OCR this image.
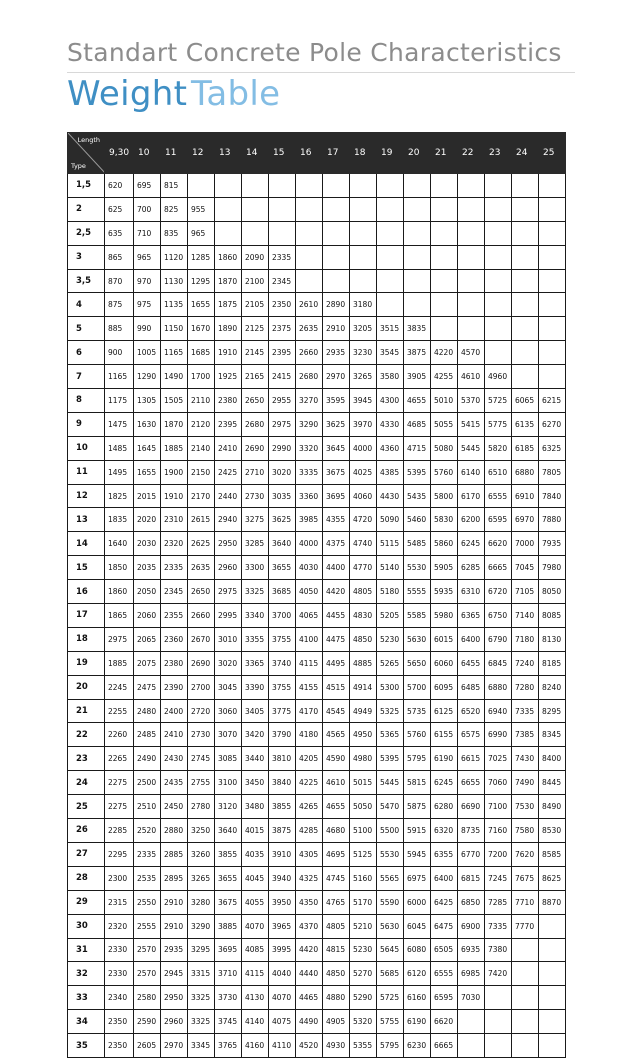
Standart Concrete Pole Characteristics
Weight  Table
Length
Type	9,30	10	11	12	13	14	15	16	17	18	19	20	21	22	23	24	25
1,5	620	695	815														
2	625	700	825	955													
2,5	635	710	835	965													
3	865	965	1120	1285	1860	2090	2335										
3,5	870	970	1130	1295	1870	2100	2345										
4	875	975	1135	1655	1875	2105	2350	2610	2890	3180							
5	885	990	1150	1670	1890	2125	2375	2635	2910	3205	3515	3835					
6	900	1005	1165	1685	1910	2145	2395	2660	2935	3230	3545	3875	4220	4570			
7	1165	1290	1490	1700	1925	2165	2415	2680	2970	3265	3580	3905	4255	4610	4960		
8	1175	1305	1505	2110	2380	2650	2955	3270	3595	3945	4300	4655	5010	5370	5725	6065	6215
9	1475	1630	1870	2120	2395	2680	2975	3290	3625	3970	4330	4685	5055	5415	5775	6135	6270
10	1485	1645	1885	2140	2410	2690	2990	3320	3645	4000	4360	4715	5080	5445	5820	6185	6325
11	1495	1655	1900	2150	2425	2710	3020	3335	3675	4025	4385	5395	5760	6140	6510	6880	7805
12	1825	2015	1910	2170	2440	2730	3035	3360	3695	4060	4430	5435	5800	6170	6555	6910	7840
13	1835	2020	2310	2615	2940	3275	3625	3985	4355	4720	5090	5460	5830	6200	6595	6970	7880
14	1640	2030	2320	2625	2950	3285	3640	4000	4375	4740	5115	5485	5860	6245	6620	7000	7935
15	1850	2035	2335	2635	2960	3300	3655	4030	4400	4770	5140	5530	5905	6285	6665	7045	7980
16	1860	2050	2345	2650	2975	3325	3685	4050	4420	4805	5180	5555	5935	6310	6720	7105	8050
17	1865	2060	2355	2660	2995	3340	3700	4065	4455	4830	5205	5585	5980	6365	6750	7140	8085
18	2975	2065	2360	2670	3010	3355	3755	4100	4475	4850	5230	5630	6015	6400	6790	7180	8130
19	1885	2075	2380	2690	3020	3365	3740	4115	4495	4885	5265	5650	6060	6455	6845	7240	8185
20	2245	2475	2390	2700	3045	3390	3755	4155	4515	4914	5300	5700	6095	6485	6880	7280	8240
21	2255	2480	2400	2720	3060	3405	3775	4170	4545	4949	5325	5735	6125	6520	6940	7335	8295
22	2260	2485	2410	2730	3070	3420	3790	4180	4565	4950	5365	5760	6155	6575	6990	7385	8345
23	2265	2490	2430	2745	3085	3440	3810	4205	4590	4980	5395	5795	6190	6615	7025	7430	8400
24	2275	2500	2435	2755	3100	3450	3840	4225	4610	5015	5445	5815	6245	6655	7060	7490	8445
25	2275	2510	2450	2780	3120	3480	3855	4265	4655	5050	5470	5875	6280	6690	7100	7530	8490
26	2285	2520	2880	3250	3640	4015	3875	4285	4680	5100	5500	5915	6320	8735	7160	7580	8530
27	2295	2335	2885	3260	3855	4035	3910	4305	4695	5125	5530	5945	6355	6770	7200	7620	8585
28	2300	2535	2895	3265	3655	4045	3940	4325	4745	5160	5565	6975	6400	6815	7245	7675	8625
29	2315	2550	2910	3280	3675	4055	3950	4350	4765	5170	5590	6000	6425	6850	7285	7710	8870
30	2320	2555	2910	3290	3885	4070	3965	4370	4805	5210	5630	6045	6475	6900	7335	7770	
31	2330	2570	2935	3295	3695	4085	3995	4420	4815	5230	5645	6080	6505	6935	7380		
32	2330	2570	2945	3315	3710	4115	4040	4440	4850	5270	5685	6120	6555	6985	7420		
33	2340	2580	2950	3325	3730	4130	4070	4465	4880	5290	5725	6160	6595	7030			
34	2350	2590	2960	3325	3745	4140	4075	4490	4905	5320	5755	6190	6620				
35	2350	2605	2970	3345	3765	4160	4110	4520	4930	5355	5795	6230	6665				
